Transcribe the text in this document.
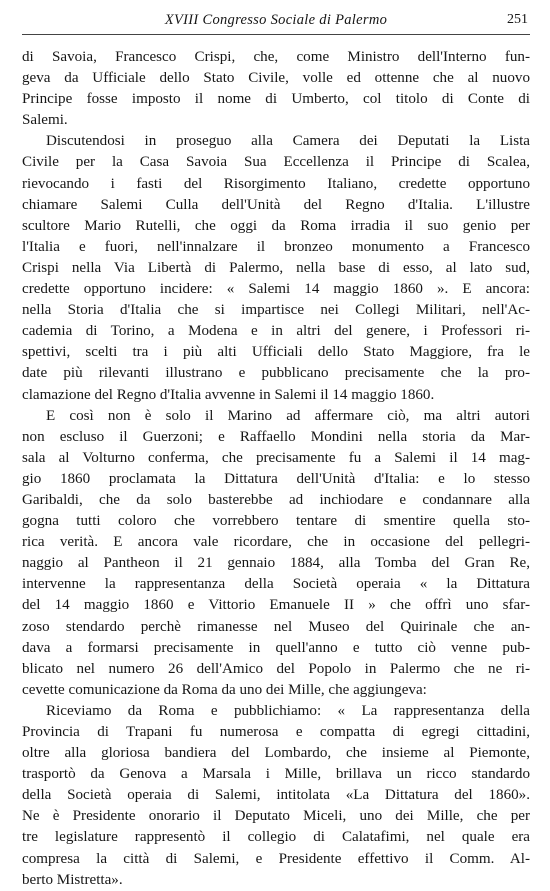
XVIII Congresso Sociale di Palermo	251
di Savoia, Francesco Crispi, che, come Ministro dell'Interno fun-
geva da Ufficiale dello Stato Civile, volle ed ottenne che al nuovo
Principe fosse imposto il nome di Umberto, col titolo di Conte di
Salemi.
Discutendosi in proseguo alla Camera dei Deputati la Lista
Civile per la Casa Savoia Sua Eccellenza il Principe di Scalea,
rievocando i fasti del Risorgimento Italiano, credette opportuno
chiamare Salemi Culla dell'Unità del Regno d'Italia. L'illustre
scultore Mario Rutelli, che oggi da Roma irradia il suo genio per
l'Italia e fuori, nell'innalzare il bronzeo monumento a Francesco
Crispi nella Via Libertà di Palermo, nella base di esso, al lato sud,
credette opportuno incidere: « Salemi 14 maggio 1860 ». E ancora:
nella Storia d'Italia che si impartisce nei Collegi Militari, nell'Ac-
cademia di Torino, a Modena e in altri del genere, i Professori ri-
spettivi, scelti tra i più alti Ufficiali dello Stato Maggiore, fra le
date più rilevanti illustrano e pubblicano precisamente che la pro-
clamazione del Regno d'Italia avvenne in Salemi il 14 maggio 1860.
E così non è solo il Marino ad affermare ciò, ma altri autori
non escluso il Guerzoni; e Raffaello Mondini nella storia da Mar-
sala al Volturno conferma, che precisamente fu a Salemi il 14 mag-
gio 1860 proclamata la Dittatura dell'Unità d'Italia: e lo stesso
Garibaldi, che da solo basterebbe ad inchiodare e condannare alla
gogna tutti coloro che vorrebbero tentare di smentire quella sto-
rica verità. E ancora vale ricordare, che in occasione del pellegri-
naggio al Pantheon il 21 gennaio 1884, alla Tomba del Gran Re,
intervenne la rappresentanza della Società operaia « la Dittatura
del 14 maggio 1860 e Vittorio Emanuele II » che offrì uno sfar-
zoso stendardo perchè rimanesse nel Museo del Quirinale che an-
dava a formarsi precisamente in quell'anno e tutto ciò venne pub-
blicato nel numero 26 dell'Amico del Popolo in Palermo che ne ri-
cevette comunicazione da Roma da uno dei Mille, che aggiungeva:
Riceviamo da Roma e pubblichiamo: « La rappresentanza della
Provincia di Trapani fu numerosa e compatta di egregi cittadini,
oltre alla gloriosa bandiera del Lombardo, che insieme al Piemonte,
trasportò da Genova a Marsala i Mille, brillava un ricco standardo
della Società operaia di Salemi, intitolata «La Dittatura del 1860».
Ne è Presidente onorario il Deputato Miceli, uno dei Mille, che per
tre legislature rappresentò il collegio di Calatafimi, nel quale era
compresa la città di Salemi, e Presidente effettivo il Comm. Al-
berto Mistretta».
